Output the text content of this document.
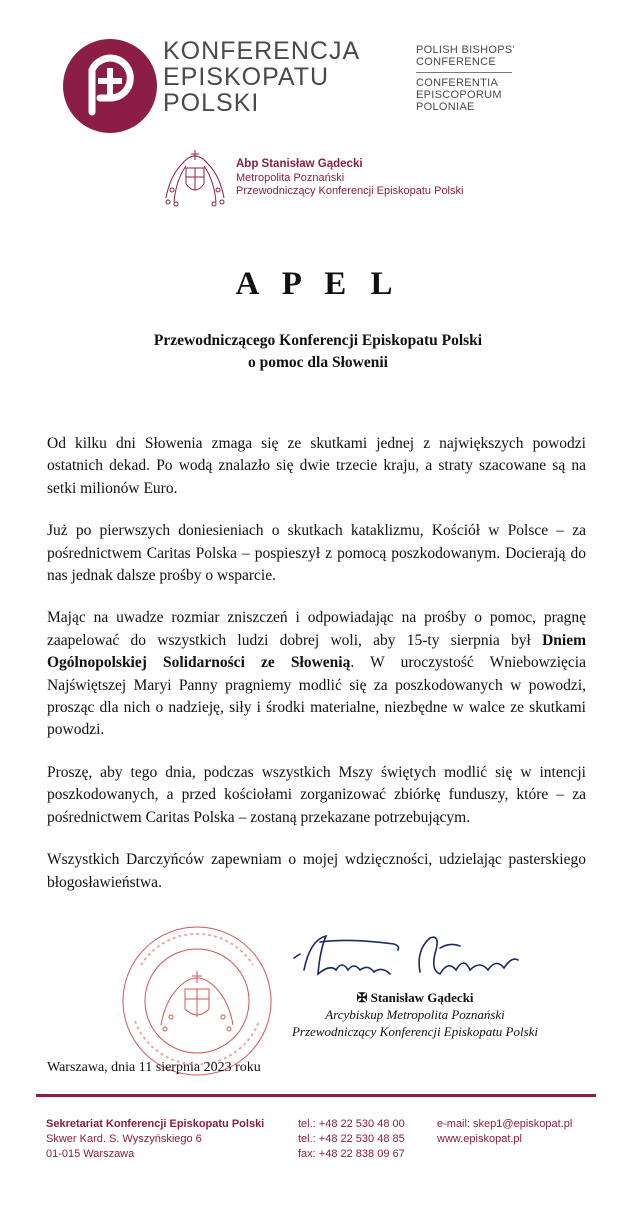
KONFERENCJA
EPISKOPATU
POLSKI
POLISH BISHOPS'
CONFERENCE
CONFERENTIA
EPISCOPORUM
POLONIAE
Abp Stanisław Gądecki
Metropolita Poznański
Przewodniczący Konferencji Episkopatu Polski
A P E L
Przewodniczącego Konferencji Episkopatu Polski
o pomoc dla Słowenii

Od kilku dni Słowenia zmaga się ze skutkami jednej z największych powodzi ostatnich dekad. Po wodą znalazło się dwie trzecie kraju, a straty szacowane są na setki milionów Euro.

Już po pierwszych doniesieniach o skutkach kataklizmu, Kościół w Polsce – za pośrednictwem Caritas Polska – pospieszył z pomocą poszkodowanym. Docierają do nas jednak dalsze prośby o wsparcie.

Mając na uwadze rozmiar zniszczeń i odpowiadając na prośby o pomoc, pragnę zaapelować do wszystkich ludzi dobrej woli, aby 15-ty sierpnia był Dniem Ogólnopolskiej Solidarności ze Słowenią. W uroczystość Wniebowzięcia Najświętszej Maryi Panny pragniemy modlić się za poszkodowanych w powodzi, prosząc dla nich o nadzieję, siły i środki materialne, niezbędne w walce ze skutkami powodzi.

Proszę, aby tego dnia, podczas wszystkich Mszy świętych modlić się w intencji poszkodowanych, a przed kościołami zorganizować zbiórkę funduszy, które – za pośrednictwem Caritas Polska – zostaną przekazane potrzebującym.

Wszystkich Darczyńców zapewniam o mojej wdzięczności, udzielając pasterskiego błogosławieństwa.

✠ Stanisław Gądecki
Arcybiskup Metropolita Poznański
Przewodniczący Konferencji Episkopatu Polski
Warszawa, dnia 11 sierpnia 2023 roku
Sekretariat Konferencji Episkopatu Polski
Skwer Kard. S. Wyszyńskiego 6
01-015 Warszawa
tel.: +48 22 530 48 00
tel.: +48 22 530 48 85
fax: +48 22 838 09 67
e-mail: skep1@episkopat.pl
www.episkopat.pl
